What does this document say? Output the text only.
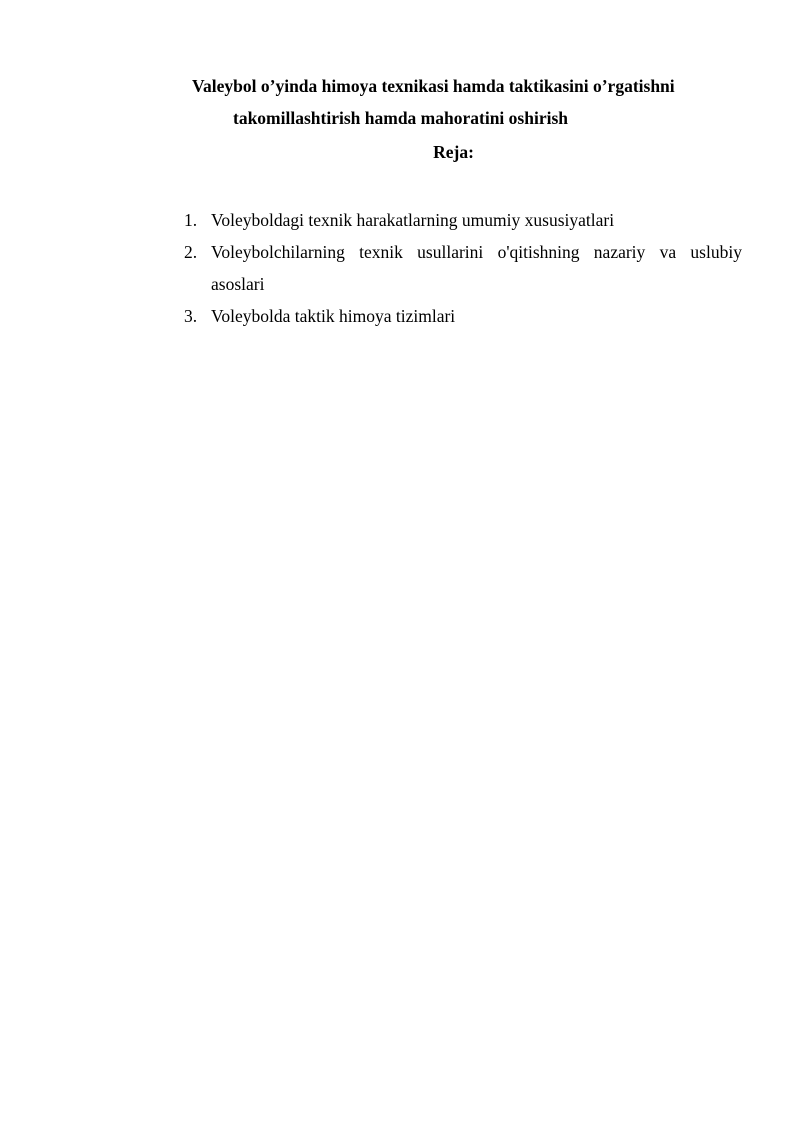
Valeybol o’yinda himoya texnikasi hamda taktikasini o’rgatishni
takomillashtirish hamda mahoratini oshirish
Reja:
1. Voleyboldagi texnik harakatlarning umumiy xususiyatlari
2. Voleybolchilarning texnik usullarini o'qitishning nazariy va uslubiy
asoslari
3. Voleybolda taktik himoya tizimlari
